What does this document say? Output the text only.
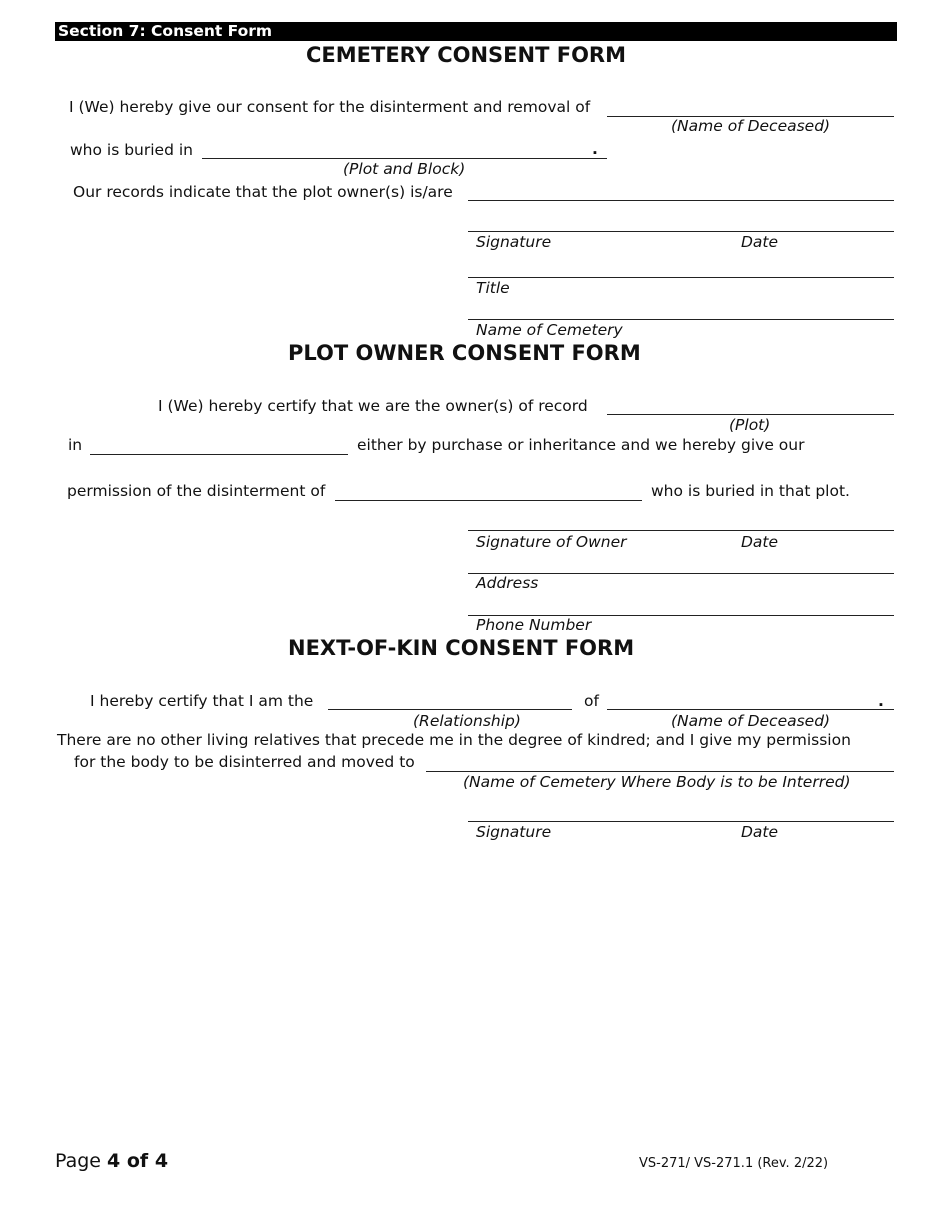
Section 7: Consent Form
CEMETERY CONSENT FORM
I (We) hereby give our consent for the disinterment and removal of
(Name of Deceased)
who is buried in	.
(Plot and Block)
Our records indicate that the plot owner(s) is/are
Signature	Date
Title
Name of Cemetery
PLOT OWNER CONSENT FORM
I (We) hereby certify that we are the owner(s) of record
(Plot)
in	either by purchase or inheritance and we hereby give our
permission of the disinterment of	who is buried in that plot.
Signature of Owner	Date
Address
Phone Number
NEXT-OF-KIN CONSENT FORM
I hereby certify that I am the	of	.
(Relationship)	(Name of Deceased)
There are no other living relatives that precede me in the degree of kindred; and I give my permission
for the body to be disinterred and moved to
(Name of Cemetery Where Body is to be Interred)
Signature	Date
Page 4 of 4	VS-271/ VS-271.1 (Rev. 2/22)
